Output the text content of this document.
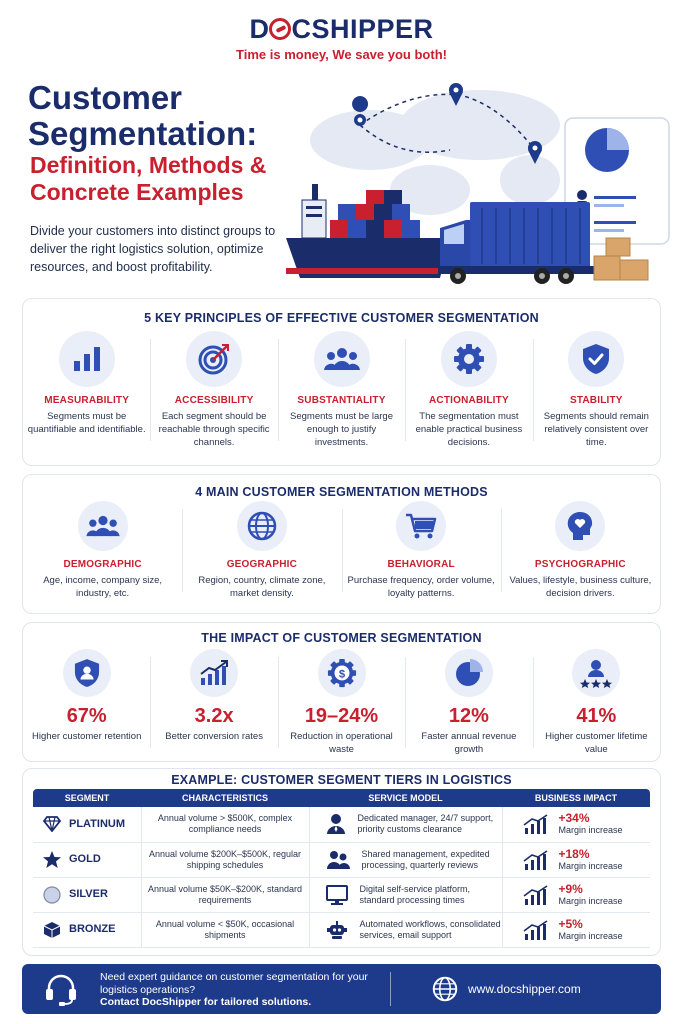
D CSHIPPER
Time is money, We save you both!
Customer Segmentation:
Definition, Methods & Concrete Examples
Divide your customers into distinct groups to deliver the right logistics solution, optimize resources, and boost profitability.
5 KEY PRINCIPLES OF EFFECTIVE CUSTOMER SEGMENTATION
MEASURABILITY
Segments must be quantifiable and identifiable.
ACCESSIBILITY
Each segment should be reachable through specific channels.
SUBSTANTIALITY
Segments must be large enough to justify investments.
ACTIONABILITY
The segmentation must enable practical business decisions.
STABILITY
Segments should remain relatively consistent over time.
4 MAIN CUSTOMER SEGMENTATION METHODS
DEMOGRAPHIC
Age, income, company size, industry, etc.
GEOGRAPHIC
Region, country, climate zone, market density.
BEHAVIORAL
Purchase frequency, order volume, loyalty patterns.
PSYCHOGRAPHIC
Values, lifestyle, business culture, decision drivers.
THE IMPACT OF CUSTOMER SEGMENTATION
67%
Higher customer retention
3.2x
Better conversion rates
$
19–24%
Reduction in operational waste
12%
Faster annual revenue growth
41%
Higher customer lifetime value
EXAMPLE: CUSTOMER SEGMENT TIERS IN LOGISTICS
SEGMENT	CHARACTERISTICS	SERVICE MODEL	BUSINESS IMPACT

PLATINUM	Annual volume > $500K, complex compliance needs	Dedicated manager, 24/7 support, priority customs clearance	+34%
Margin increase

GOLD	Annual volume $200K–$500K, regular shipping schedules	Shared management, expedited processing, quarterly reviews	+18%
Margin increase

SILVER	Annual volume $50K–$200K, standard requirements	Digital self-service platform, standard processing times	+9%
Margin increase

BRONZE	Annual volume < $50K, occasional shipments	Automated workflows, consolidated services, email support	+5%
Margin increase
Need expert guidance on customer segmentation for your logistics operations?
Contact DocShipper for tailored solutions.
www.docshipper.com
